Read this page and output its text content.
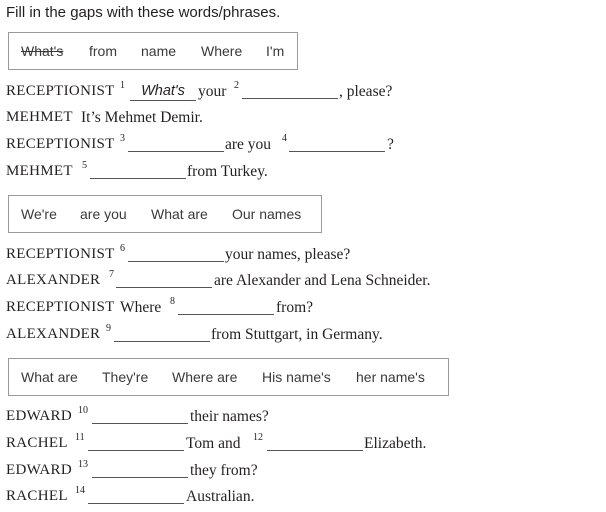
Fill in the gaps with these words/phrases.
What's from name Where I'm
RECEPTIONIST 1	What's your 2	, please?
MEHMET It’s Mehmet Demir.
RECEPTIONIST 3	are you 4	?
MEHMET 5	from Turkey.
We're are you What are Our names
RECEPTIONIST 6	your names, please?
ALEXANDER 7	are Alexander and Lena Schneider.
RECEPTIONIST Where 8	from?
ALEXANDER 9	from Stuttgart, in Germany.
What are They're Where are His name's her name's
EDWARD 10	their names?
RACHEL 11	Tom and 12	Elizabeth.
EDWARD 13	they from?
RACHEL 14	Australian.
